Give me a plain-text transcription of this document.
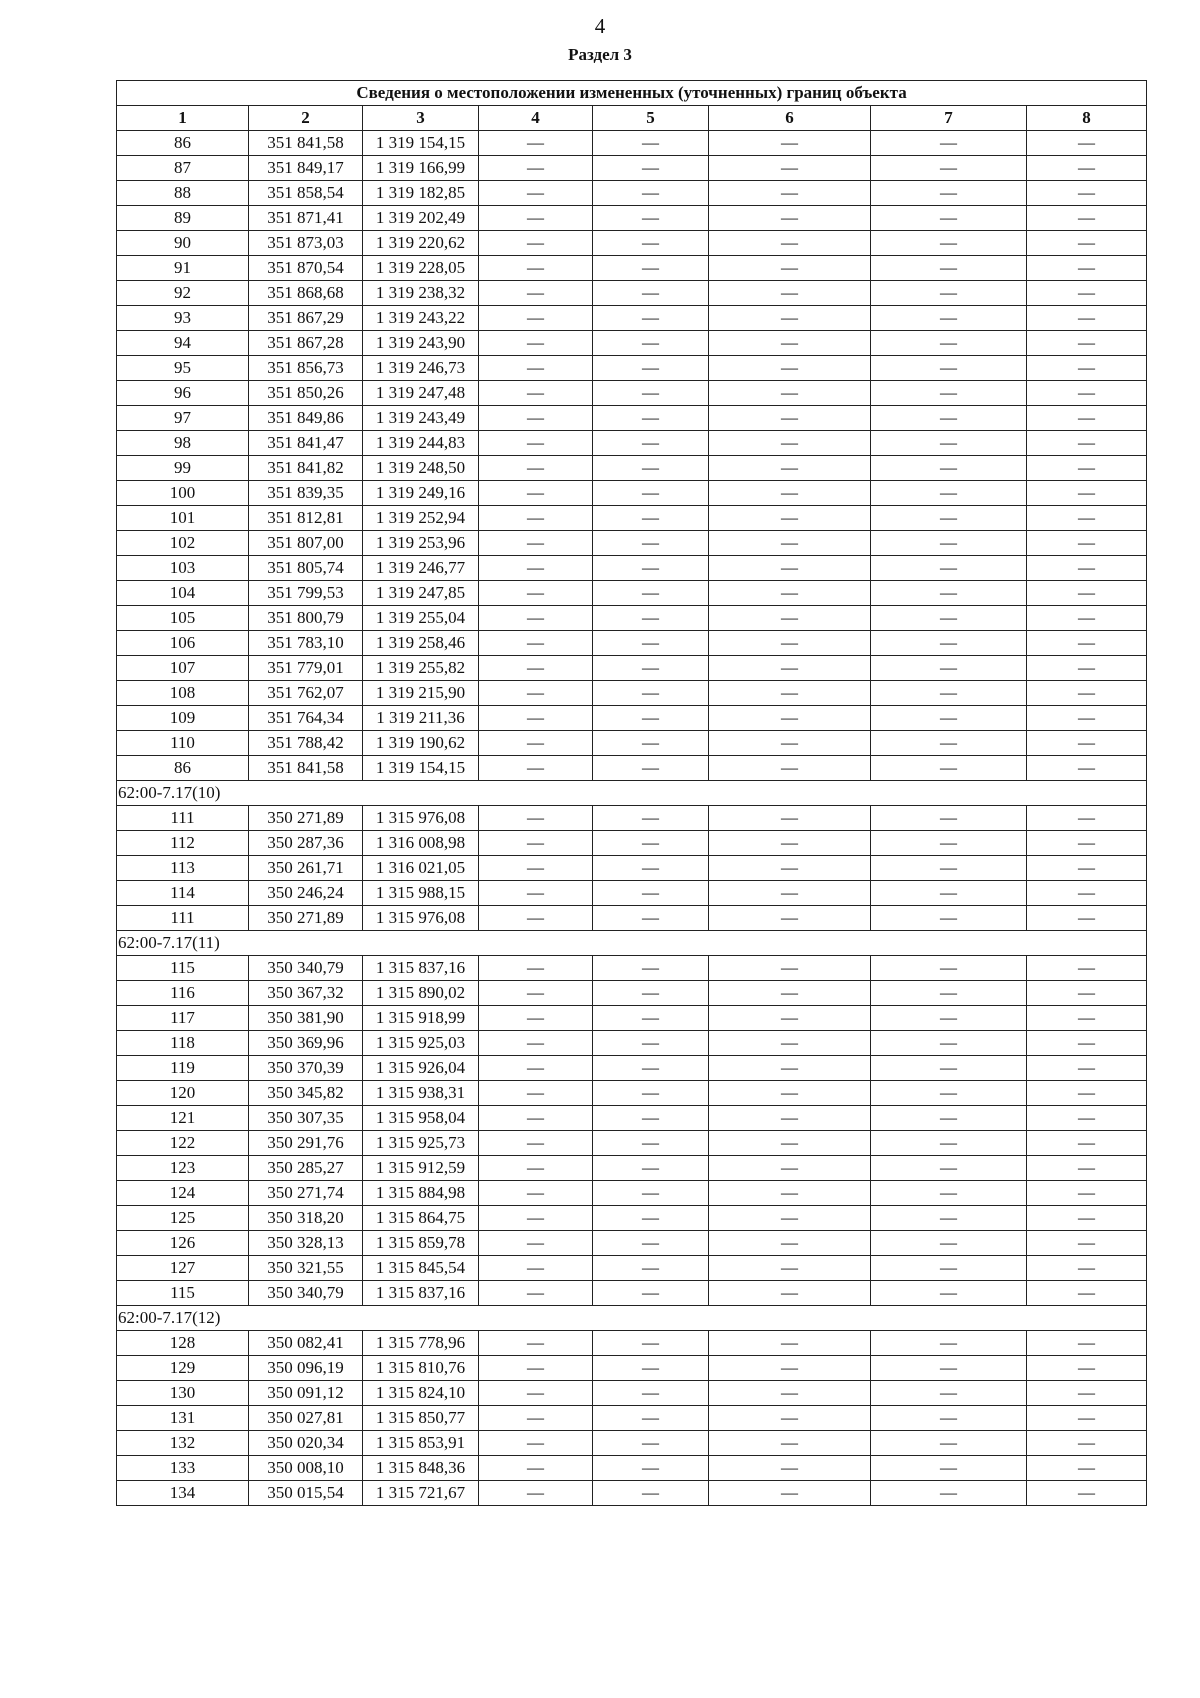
4
Раздел 3
Сведения о местоположении измененных (уточненных) границ объекта							
1	2	3	4	5	6	7	8
86	351 841,58	1 319 154,15	—	—	—	—	—
87	351 849,17	1 319 166,99	—	—	—	—	—
88	351 858,54	1 319 182,85	—	—	—	—	—
89	351 871,41	1 319 202,49	—	—	—	—	—
90	351 873,03	1 319 220,62	—	—	—	—	—
91	351 870,54	1 319 228,05	—	—	—	—	—
92	351 868,68	1 319 238,32	—	—	—	—	—
93	351 867,29	1 319 243,22	—	—	—	—	—
94	351 867,28	1 319 243,90	—	—	—	—	—
95	351 856,73	1 319 246,73	—	—	—	—	—
96	351 850,26	1 319 247,48	—	—	—	—	—
97	351 849,86	1 319 243,49	—	—	—	—	—
98	351 841,47	1 319 244,83	—	—	—	—	—
99	351 841,82	1 319 248,50	—	—	—	—	—
100	351 839,35	1 319 249,16	—	—	—	—	—
101	351 812,81	1 319 252,94	—	—	—	—	—
102	351 807,00	1 319 253,96	—	—	—	—	—
103	351 805,74	1 319 246,77	—	—	—	—	—
104	351 799,53	1 319 247,85	—	—	—	—	—
105	351 800,79	1 319 255,04	—	—	—	—	—
106	351 783,10	1 319 258,46	—	—	—	—	—
107	351 779,01	1 319 255,82	—	—	—	—	—
108	351 762,07	1 319 215,90	—	—	—	—	—
109	351 764,34	1 319 211,36	—	—	—	—	—
110	351 788,42	1 319 190,62	—	—	—	—	—
86	351 841,58	1 319 154,15	—	—	—	—	—
62:00-7.17(10)							
111	350 271,89	1 315 976,08	—	—	—	—	—
112	350 287,36	1 316 008,98	—	—	—	—	—
113	350 261,71	1 316 021,05	—	—	—	—	—
114	350 246,24	1 315 988,15	—	—	—	—	—
111	350 271,89	1 315 976,08	—	—	—	—	—
62:00-7.17(11)							
115	350 340,79	1 315 837,16	—	—	—	—	—
116	350 367,32	1 315 890,02	—	—	—	—	—
117	350 381,90	1 315 918,99	—	—	—	—	—
118	350 369,96	1 315 925,03	—	—	—	—	—
119	350 370,39	1 315 926,04	—	—	—	—	—
120	350 345,82	1 315 938,31	—	—	—	—	—
121	350 307,35	1 315 958,04	—	—	—	—	—
122	350 291,76	1 315 925,73	—	—	—	—	—
123	350 285,27	1 315 912,59	—	—	—	—	—
124	350 271,74	1 315 884,98	—	—	—	—	—
125	350 318,20	1 315 864,75	—	—	—	—	—
126	350 328,13	1 315 859,78	—	—	—	—	—
127	350 321,55	1 315 845,54	—	—	—	—	—
115	350 340,79	1 315 837,16	—	—	—	—	—
62:00-7.17(12)							
128	350 082,41	1 315 778,96	—	—	—	—	—
129	350 096,19	1 315 810,76	—	—	—	—	—
130	350 091,12	1 315 824,10	—	—	—	—	—
131	350 027,81	1 315 850,77	—	—	—	—	—
132	350 020,34	1 315 853,91	—	—	—	—	—
133	350 008,10	1 315 848,36	—	—	—	—	—
134	350 015,54	1 315 721,67	—	—	—	—	—
